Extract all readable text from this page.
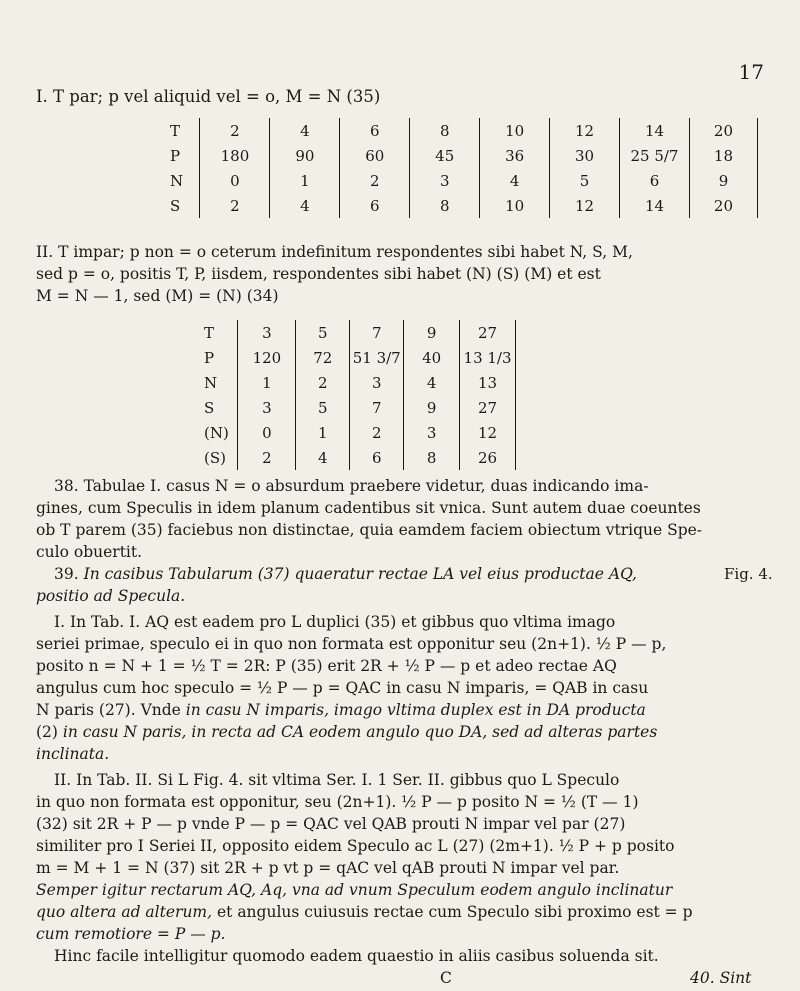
17
I. T par; p vel aliquid vel = o, M = N (35)
T	2	4	6	8	10	12	14	20
P	180	90	60	45	36	30	25 5/7	18
N	0	1	2	3	4	5	6	9
S	2	4	6	8	10	12	14	20
II. T impar; p non = o ceterum indefinitum respondentes sibi habet N, S, M,
sed p = o, positis T, P, iisdem, respondentes sibi habet (N) (S) (M) et est
M = N — 1, sed (M) = (N) (34)
T	3	5	7	9	27
P	120	72	51 3/7	40	13 1/3
N	1	2	3	4	13
S	3	5	7	9	27
(N)	0	1	2	3	12
(S)	2	4	6	8	26
38. Tabulae I. casus N = o absurdum praebere videtur, duas indicando ima-
gines, cum Speculis in idem planum cadentibus sit vnica. Sunt autem duae coeuntes
ob T parem (35) faciebus non distinctae, quia eamdem faciem obiectum vtrique Spe-
culo obuertit.
39. In casibus Tabularum (37) quaeratur rectae LA vel eius productae AQ,	Fig. 4.
positio ad Specula.
I. In Tab. I. AQ est eadem pro L duplici (35) et gibbus quo vltima imago
seriei primae, speculo ei in quo non formata est opponitur seu (2n+1). ½ P — p,
posito n = N + 1 = ½ T = 2R: P (35) erit 2R + ½ P — p et adeo rectae AQ
angulus cum hoc speculo = ½ P — p = QAC in casu N imparis, = QAB in casu
N paris (27). Vnde in casu N imparis, imago vltima duplex est in DA producta
(2) in casu N paris, in recta ad CA eodem angulo quo DA, sed ad alteras partes
inclinata.
II. In Tab. II. Si L Fig. 4. sit vltima Ser. I. 1 Ser. II. gibbus quo L Speculo
in quo non formata est opponitur, seu (2n+1). ½ P — p posito N = ½ (T — 1)
(32) sit 2R + P — p vnde P — p = QAC vel QAB prouti N impar vel par (27)
similiter pro I Seriei II, opposito eidem Speculo ac L (27) (2m+1). ½ P + p posito
m = M + 1 = N (37) sit 2R + p vt p = qAC vel qAB prouti N impar vel par.
Semper igitur rectarum AQ, Aq, vna ad vnum Speculum eodem angulo inclinatur
quo altera ad alterum, et angulus cuiusuis rectae cum Speculo sibi proximo est = p
cum remotiore = P — p.
Hinc facile intelligitur quomodo eadem quaestio in aliis casibus soluenda sit.
C	40. Sint
